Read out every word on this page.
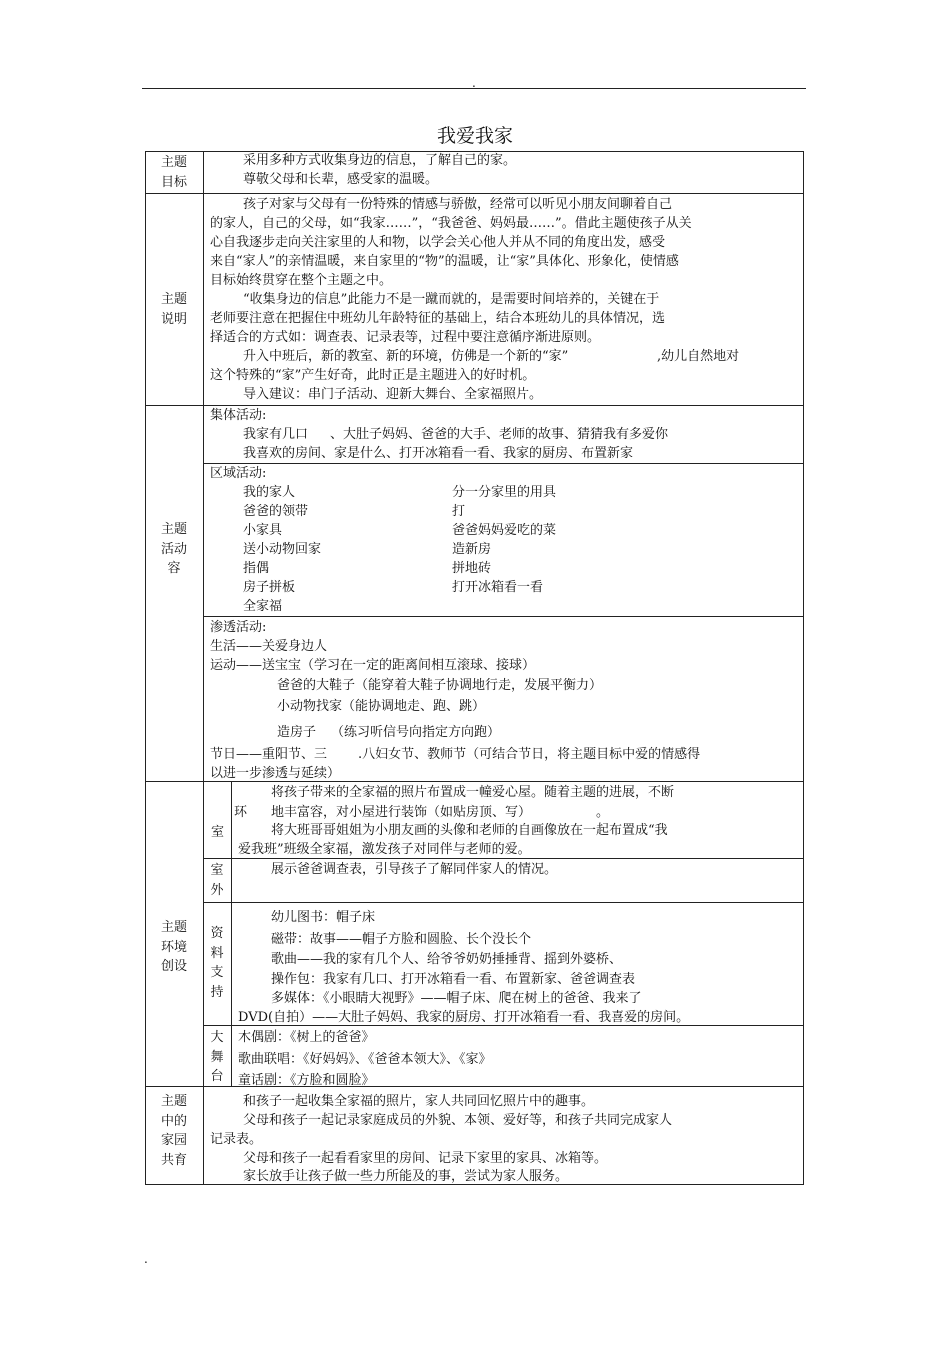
.
我爱我家
主题
目标
采用多种方式收集身边的信息，了解自己的家。
尊敬父母和长辈，感受家的温暖。
主题
说明
孩子对家与父母有一份特殊的情感与骄傲，经常可以听见小朋友间聊着自己
的家人，自己的父母，如“我家……”，“我爸爸、妈妈最……”。借此主题使孩子从关
心自我逐步走向关注家里的人和物，以学会关心他人并从不同的角度出发，感受
来自“家人”的亲情温暖，来自家里的“物”的温暖，让“家”具体化、形象化，使情感
目标始终贯穿在整个主题之中。
“收集身边的信息”此能力不是一蹴而就的，是需要时间培养的，关键在于
老师要注意在把握住中班幼儿年龄特征的基础上，结合本班幼儿的具体情况，选
择适合的方式如：调查表、记录表等，过程中要注意循序渐进原则。
升入中班后，新的教室、新的环境，仿佛是一个新的“家”	,幼儿自然地对
这个特殊的“家”产生好奇，此时正是主题进入的好时机。
导入建议：串门子活动、迎新大舞台、全家福照片。
主题
活动
容
集体活动:
我家有几口 、大肚子妈妈、爸爸的大手、老师的故事、猜猜我有多爱你
我喜欢的房间、家是什么、打开冰箱看一看、我家的厨房、布置新家
区域活动:
我的家人
爸爸的领带
小家具
送小动物回家
指偶
房子拼板
全家福
分一分家里的用具
打
爸爸妈妈爱吃的菜
造新房
拼地砖
打开冰箱看一看
渗透活动:
生活——关爱身边人
运动——送宝宝（学习在一定的距离间相互滚球、接球）
爸爸的大鞋子（能穿着大鞋子协调地行走，发展平衡力）
小动物找家（能协调地走、跑、跳）
造房子 （练习听信号向指定方向跑）
节日——重阳节、三 .八妇女节、教师节（可结合节日，将主题目标中爱的情感得
以进一步渗透与延续）
主题
环境
创设
环
室
将孩子带来的全家福的照片布置成一幢爱心屋。随着主题的进展，不断
地丰富容，对小屋进行装饰（如贴房顶、写）	。
将大班哥哥姐姐为小朋友画的头像和老师的自画像放在一起布置成“我
爱我班”班级全家福，激发孩子对同伴与老师的爱。
室
外
展示爸爸调查表，引导孩子了解同伴家人的情况。
资
料
支
持
幼儿图书：帽子床
磁带：故事——帽子方脸和圆脸、长个没长个
歌曲——我的家有几个人、给爷爷奶奶捶捶背、摇到外婆桥、
操作包：我家有几口、打开冰箱看一看、布置新家、爸爸调查表
多媒体：《小眼睛大视野》——帽子床、爬在树上的爸爸、我来了
DVD(自拍）——大肚子妈妈、我家的厨房、打开冰箱看一看、我喜爱的房间。
大
舞
台
木偶剧：《树上的爸爸》
歌曲联唱：《好妈妈》、《爸爸本领大》、《家》
童话剧：《方脸和圆脸》
主题
中的
家园
共育
和孩子一起收集全家福的照片，家人共同回忆照片中的趣事。
父母和孩子一起记录家庭成员的外貌、本领、爱好等，和孩子共同完成家人
记录表。
父母和孩子一起看看家里的房间、记录下家里的家具、冰箱等。
家长放手让孩子做一些力所能及的事，尝试为家人服务。
.
